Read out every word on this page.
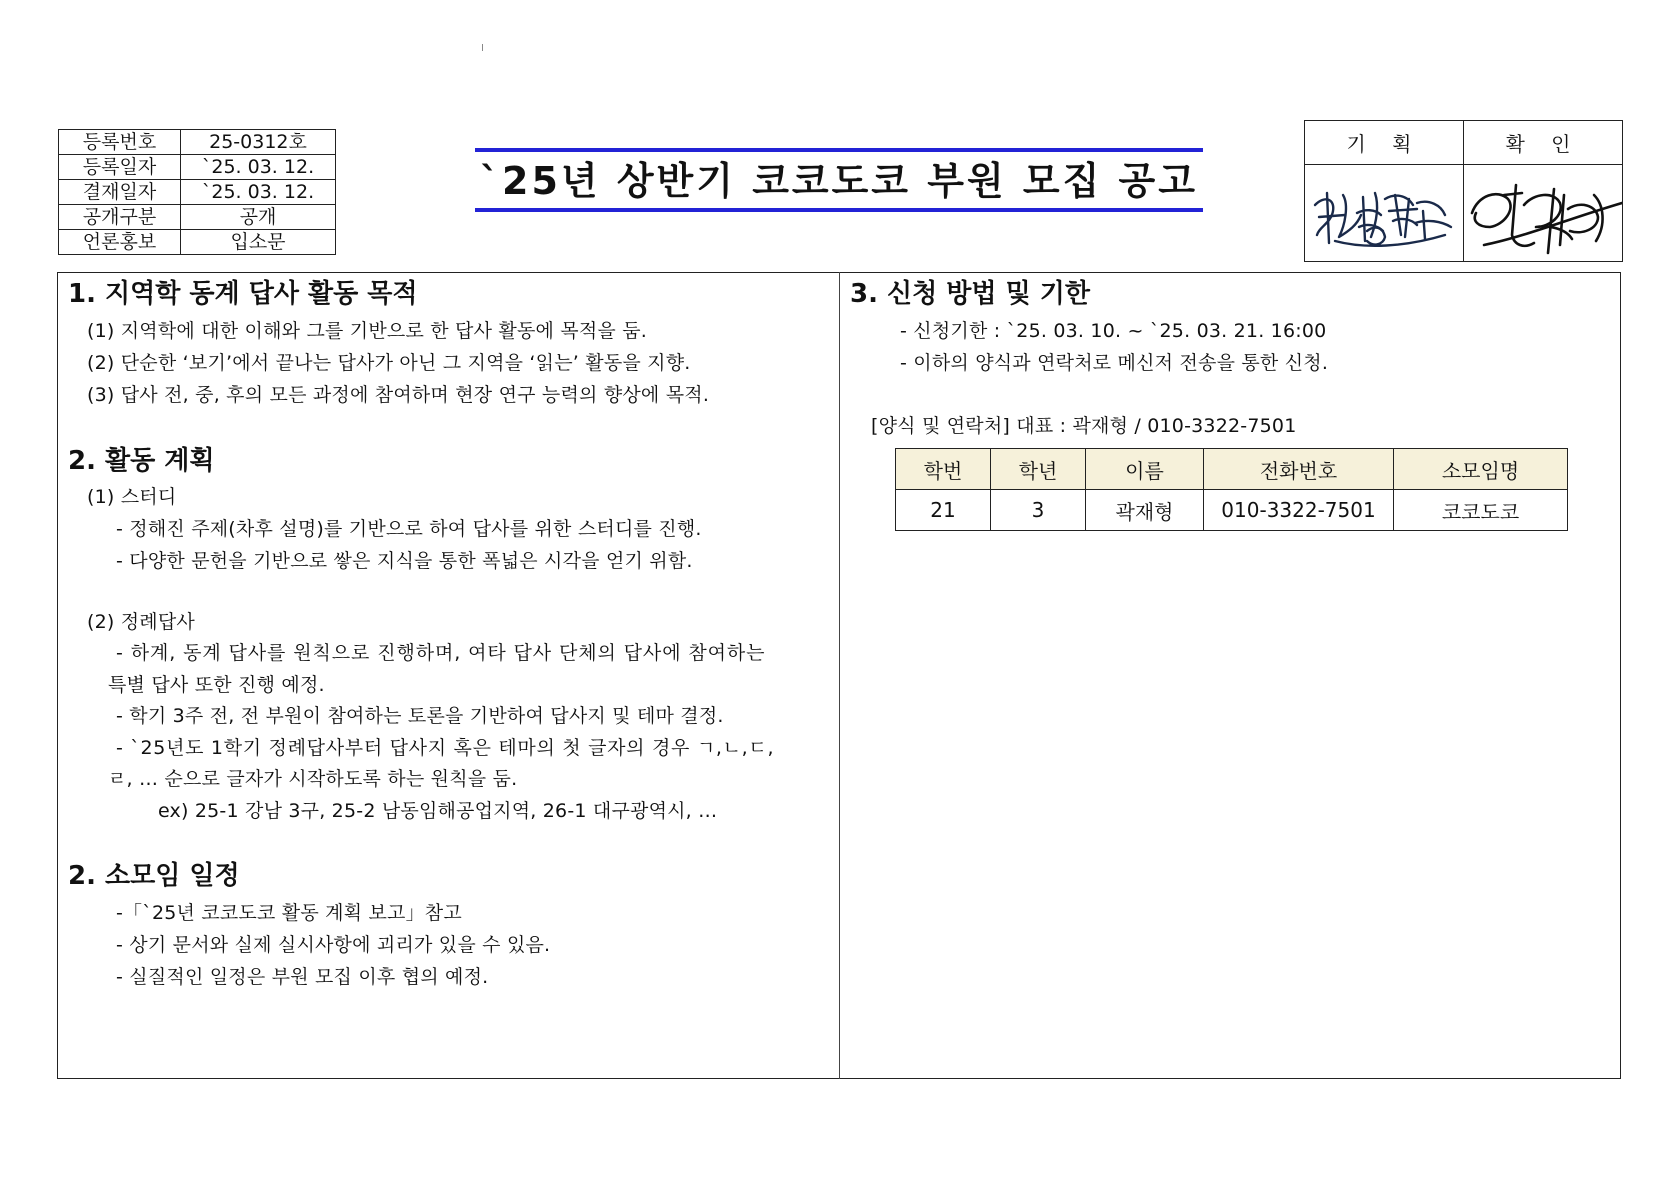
등록번호	25-0312호
등록일자	`25. 03. 12.
결재일자	`25. 03. 12.
공개구분	공개
언론홍보	입소문
`25년 상반기 코코도코 부원 모집 공고
기 획	확 인

1. 지역학 동계 답사 활동 목적
(1) 지역학에 대한 이해와 그를 기반으로 한 답사 활동에 목적을 둠.
(2) 단순한 ‘보기’에서 끝나는 답사가 아닌 그 지역을 ‘읽는’ 활동을 지향.
(3) 답사 전, 중, 후의 모든 과정에 참여하며 현장 연구 능력의 향상에 목적.
2. 활동 계획
(1) 스터디
- 정해진 주제(차후 설명)를 기반으로 하여 답사를 위한 스터디를 진행.
- 다양한 문헌을 기반으로 쌓은 지식을 통한 폭넓은 시각을 얻기 위함.
(2) 정례답사
- 하계, 동계 답사를 원칙으로 진행하며, 여타 답사 단체의 답사에 참여하는
특별 답사 또한 진행 예정.
- 학기 3주 전, 전 부원이 참여하는 토론을 기반하여 답사지 및 테마 결정.
- `25년도 1학기 정례답사부터 답사지 혹은 테마의 첫 글자의 경우 ㄱ,ㄴ,ㄷ,
ㄹ, … 순으로 글자가 시작하도록 하는 원칙을 둠.
ex) 25-1 강남 3구, 25-2 남동임해공업지역, 26-1 대구광역시, …
2. 소모임 일정
-「`25년 코코도코 활동 계획 보고」참고
- 상기 문서와 실제 실시사항에 괴리가 있을 수 있음.
- 실질적인 일정은 부원 모집 이후 협의 예정.
3. 신청 방법 및 기한
- 신청기한 : `25. 03. 10. ~ `25. 03. 21. 16:00
- 이하의 양식과 연락처로 메신저 전송을 통한 신청.
[양식 및 연락처] 대표 : 곽재형 / 010-3322-7501
학번	학년	이름	전화번호	소모임명
21	3	곽재형	010-3322-7501	코코도코
